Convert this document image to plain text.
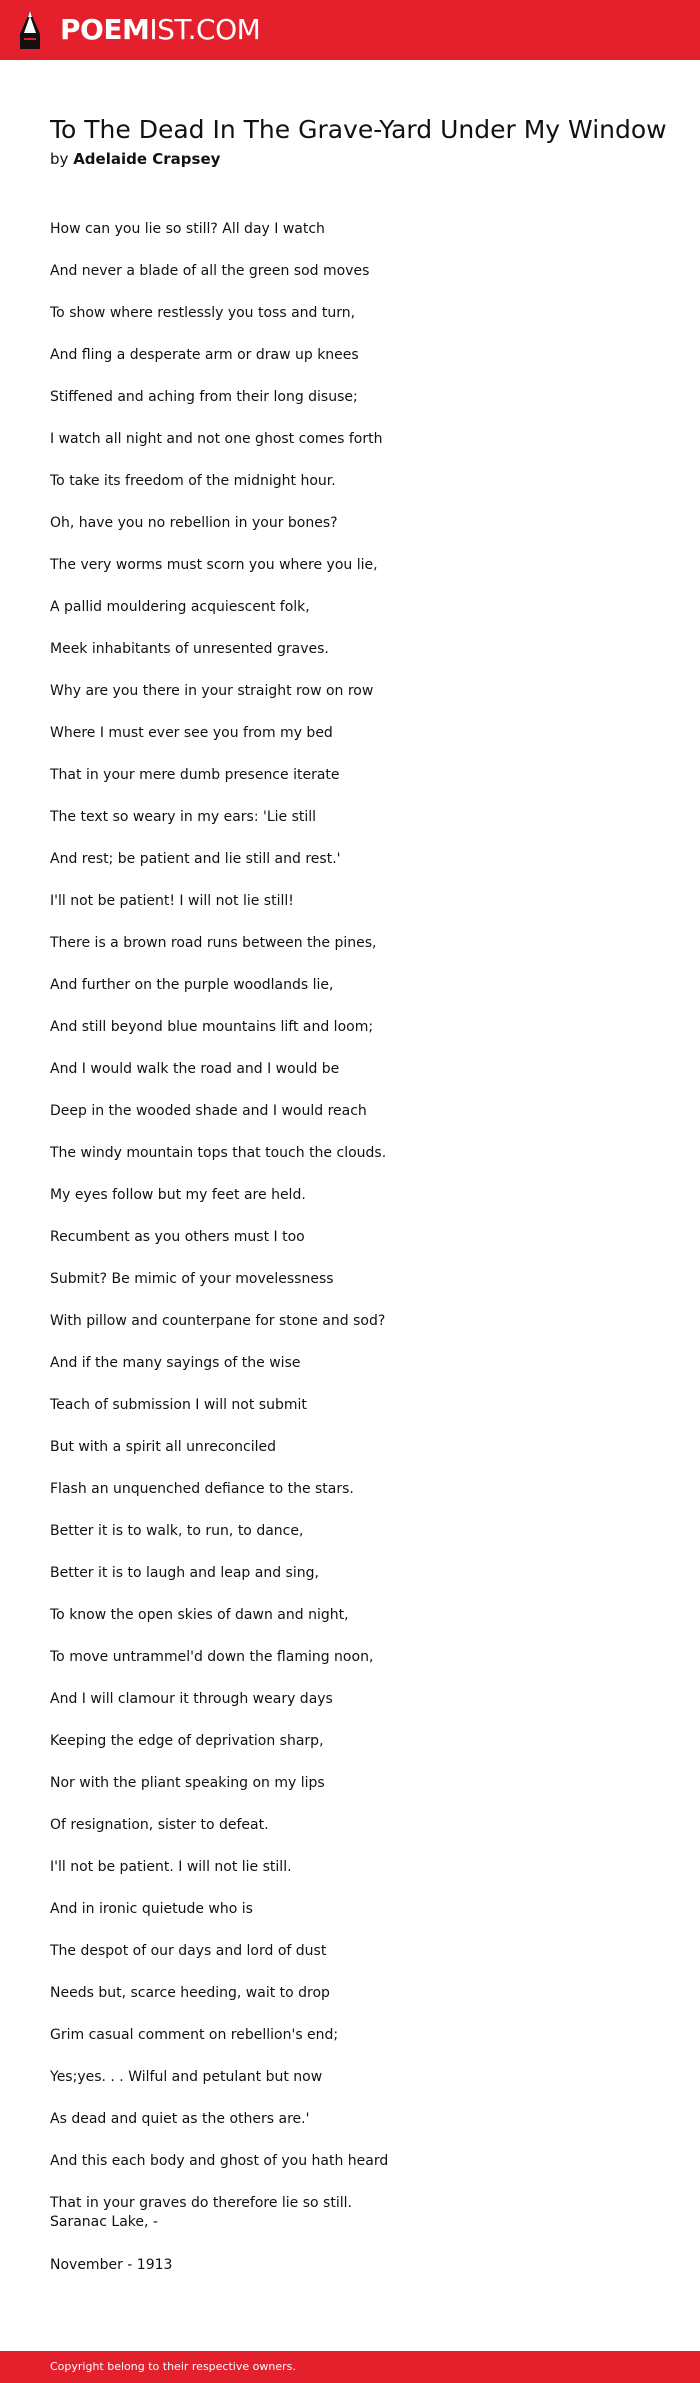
POEMIST.COM
To The Dead In The Grave-Yard Under My Window
by Adelaide Crapsey
How can you lie so still? All day I watch
And never a blade of all the green sod moves
To show where restlessly you toss and turn,
And fling a desperate arm or draw up knees
Stiffened and aching from their long disuse;
I watch all night and not one ghost comes forth
To take its freedom of the midnight hour.
Oh, have you no rebellion in your bones?
The very worms must scorn you where you lie,
A pallid mouldering acquiescent folk,
Meek inhabitants of unresented graves.
Why are you there in your straight row on row
Where I must ever see you from my bed
That in your mere dumb presence iterate
The text so weary in my ears: 'Lie still
And rest; be patient and lie still and rest.'
I'll not be patient! I will not lie still!
There is a brown road runs between the pines,
And further on the purple woodlands lie,
And still beyond blue mountains lift and loom;
And I would walk the road and I would be
Deep in the wooded shade and I would reach
The windy mountain tops that touch the clouds.
My eyes follow but my feet are held.
Recumbent as you others must I too
Submit? Be mimic of your movelessness
With pillow and counterpane for stone and sod?
And if the many sayings of the wise
Teach of submission I will not submit
But with a spirit all unreconciled
Flash an unquenched defiance to the stars.
Better it is to walk, to run, to dance,
Better it is to laugh and leap and sing,
To know the open skies of dawn and night,
To move untrammel'd down the flaming noon,
And I will clamour it through weary days
Keeping the edge of deprivation sharp,
Nor with the pliant speaking on my lips
Of resignation, sister to defeat.
I'll not be patient. I will not lie still.
And in ironic quietude who is
The despot of our days and lord of dust
Needs but, scarce heeding, wait to drop
Grim casual comment on rebellion's end;
Yes;yes. . . Wilful and petulant but now
As dead and quiet as the others are.'
And this each body and ghost of you hath heard
That in your graves do therefore lie so still.
Saranac Lake, -
November - 1913
Copyright belong to their respective owners.
